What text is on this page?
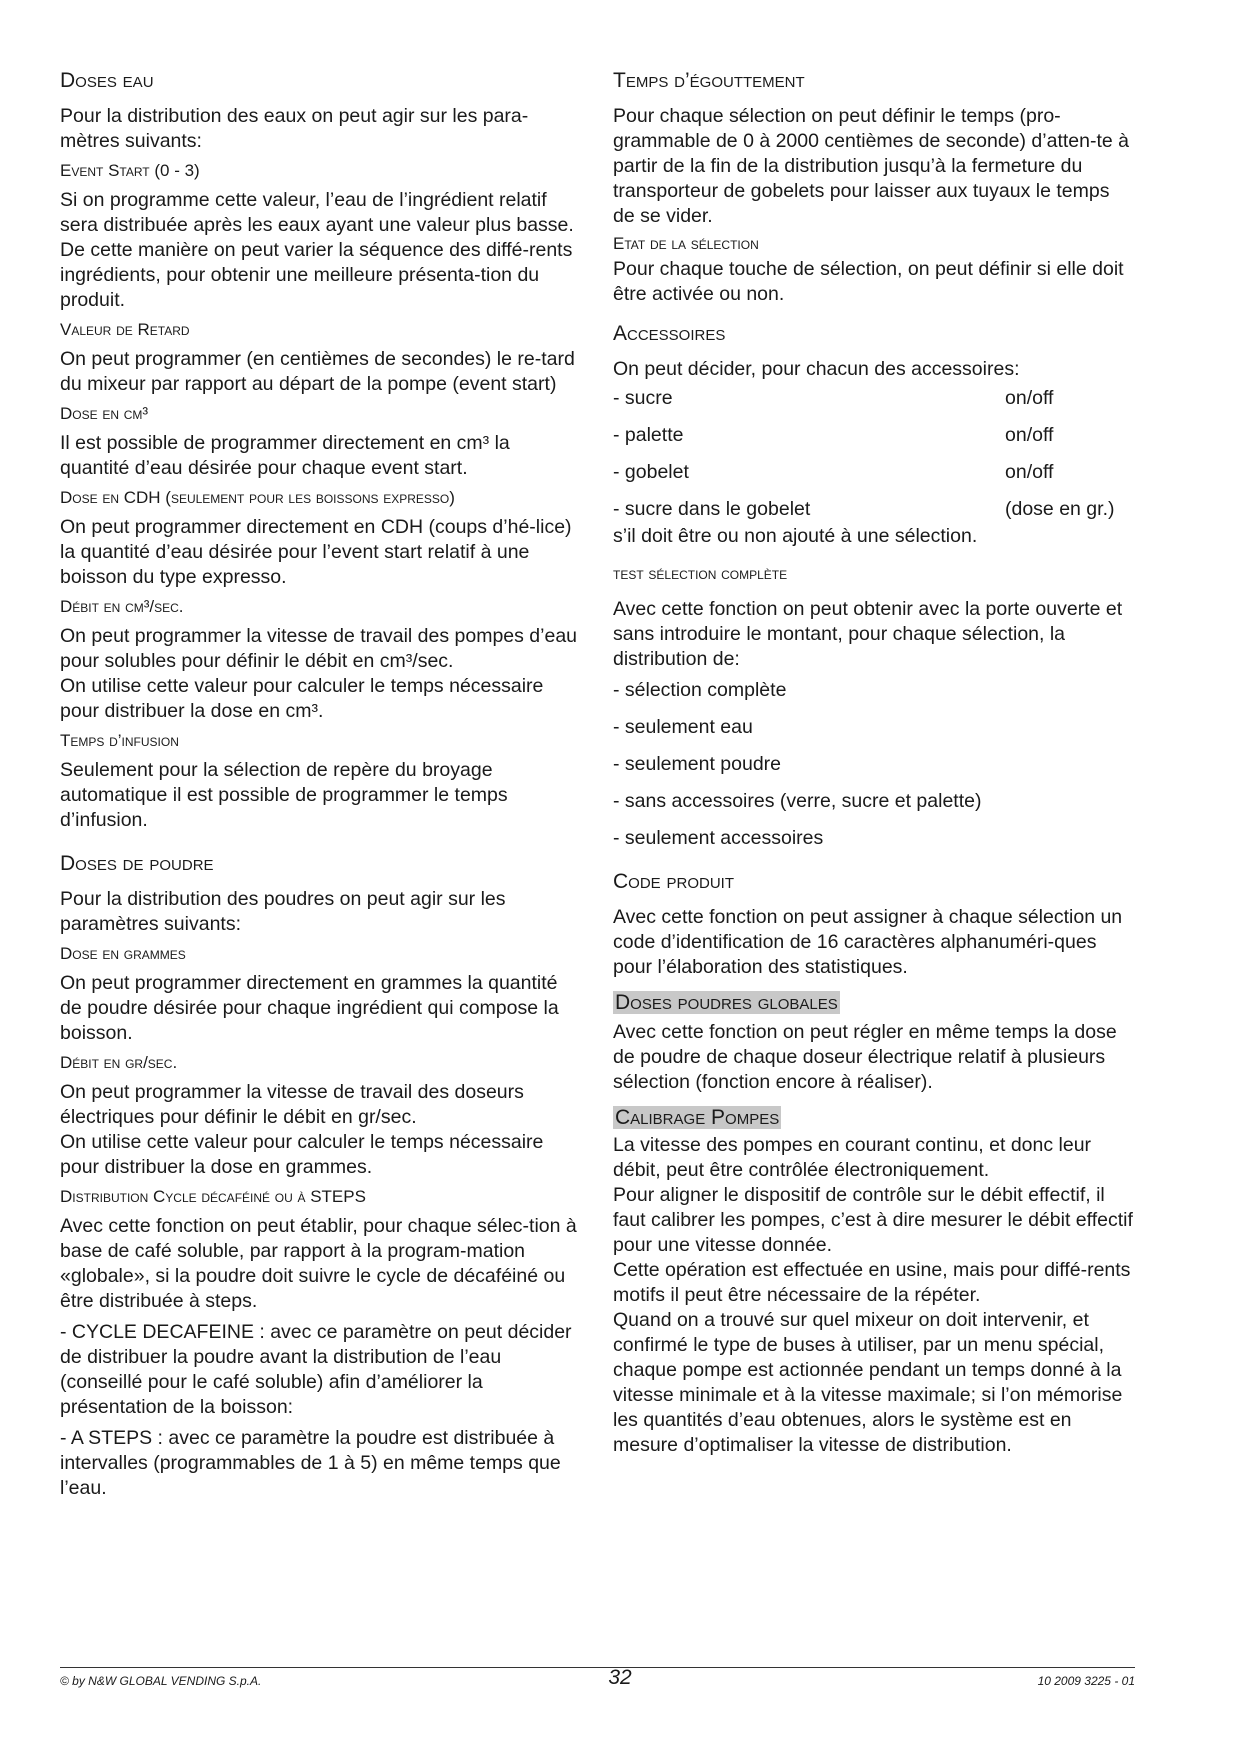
Doses eau

Pour la distribution des eaux on peut agir sur les para-mètres suivants:

Event Start (0 - 3)

Si on programme cette valeur, l’eau de l’ingrédient relatif sera distribuée après les eaux ayant une valeur plus basse.

De cette manière on peut varier la séquence des diffé-rents ingrédients, pour obtenir une meilleure présenta-tion du produit.

Valeur de Retard

On peut programmer (en centièmes de secondes) le re-tard du mixeur par rapport au départ de la pompe (event start)

Dose en cm³

Il est possible de programmer directement en cm³ la quantité d’eau désirée pour chaque event start.

Dose en CDH (seulement pour les boissons expresso)

On peut programmer directement en CDH (coups d’hé-lice) la quantité d’eau désirée pour l’event start relatif à une boisson du type expresso.

Débit en cm³/sec.

On peut programmer la vitesse de travail des pompes d’eau pour solubles pour définir le débit en cm³/sec.

On utilise cette valeur pour calculer le temps nécessaire pour distribuer la dose en cm³.

Temps d’infusion

Seulement pour la sélection de repère du broyage automatique il est possible de programmer le temps d’infusion.

Doses de poudre

Pour la distribution des poudres on peut agir sur les paramètres suivants:

Dose en grammes

On peut programmer directement en grammes la quantité de poudre désirée pour chaque ingrédient qui compose la boisson.

Débit en gr/sec.

On peut programmer la vitesse de travail des doseurs électriques pour définir le débit en gr/sec.

On utilise cette valeur pour calculer le temps nécessaire pour distribuer la dose en grammes.

Distribution Cycle décaféiné ou à STEPS

Avec cette fonction on peut établir, pour chaque sélec-tion à base de café soluble, par rapport à la program-mation «globale», si la poudre doit suivre le cycle de décaféiné ou être distribuée à steps.

- CYCLE DECAFEINE : avec ce paramètre on peut décider de distribuer la poudre avant la distribution de l’eau (conseillé pour le café soluble) afin d’améliorer la présentation de la boisson:

- A STEPS : avec ce paramètre la poudre est distribuée à intervalles (programmables de 1 à 5) en même temps que l’eau.

Temps d’égouttement

Pour chaque sélection on peut définir le temps (pro-grammable de 0 à 2000 centièmes de seconde) d’atten-te à partir de la fin de la distribution jusqu’à la fermeture du transporteur de gobelets pour laisser aux tuyaux le temps de se vider.

Etat de la sélection

Pour chaque touche de sélection, on peut définir si elle doit être activée ou non.

Accessoires

On peut décider, pour chacun des accessoires:

- sucre	on/off
- palette	on/off
- gobelet	on/off
- sucre dans le gobelet	(dose en gr.)

s’il doit être ou non ajouté à une sélection.

test sélection complète

Avec cette fonction on peut obtenir avec la porte ouverte et sans introduire le montant, pour chaque sélection, la distribution de:

- sélection complète
- seulement eau
- seulement poudre
- sans accessoires (verre, sucre et palette)
- seulement accessoires
Code produit

Avec cette fonction on peut assigner à chaque sélection un code d’identification de 16 caractères alphanuméri-ques pour l’élaboration des statistiques.

Doses poudres globales

Avec cette fonction on peut régler en même temps la dose de poudre de chaque doseur électrique relatif à plusieurs sélection (fonction encore à réaliser).

Calibrage Pompes

La vitesse des pompes en courant continu, et donc leur débit, peut être contrôlée électroniquement.

Pour aligner le dispositif de contrôle sur le débit effectif, il faut calibrer les pompes, c’est à dire mesurer le débit effectif pour une vitesse donnée.

Cette opération est effectuée en usine, mais pour diffé-rents motifs il peut être nécessaire de la répéter.

Quand on a trouvé sur quel mixeur on doit intervenir, et confirmé le type de buses à utiliser, par un menu spécial, chaque pompe est actionnée pendant un temps donné à la vitesse minimale et à la vitesse maximale; si l’on mémorise les quantités d’eau obtenues, alors le système est en mesure d’optimaliser la vitesse de distribution.

© by N&W GLOBAL VENDING S.p.A.	32	10 2009 3225 - 01
